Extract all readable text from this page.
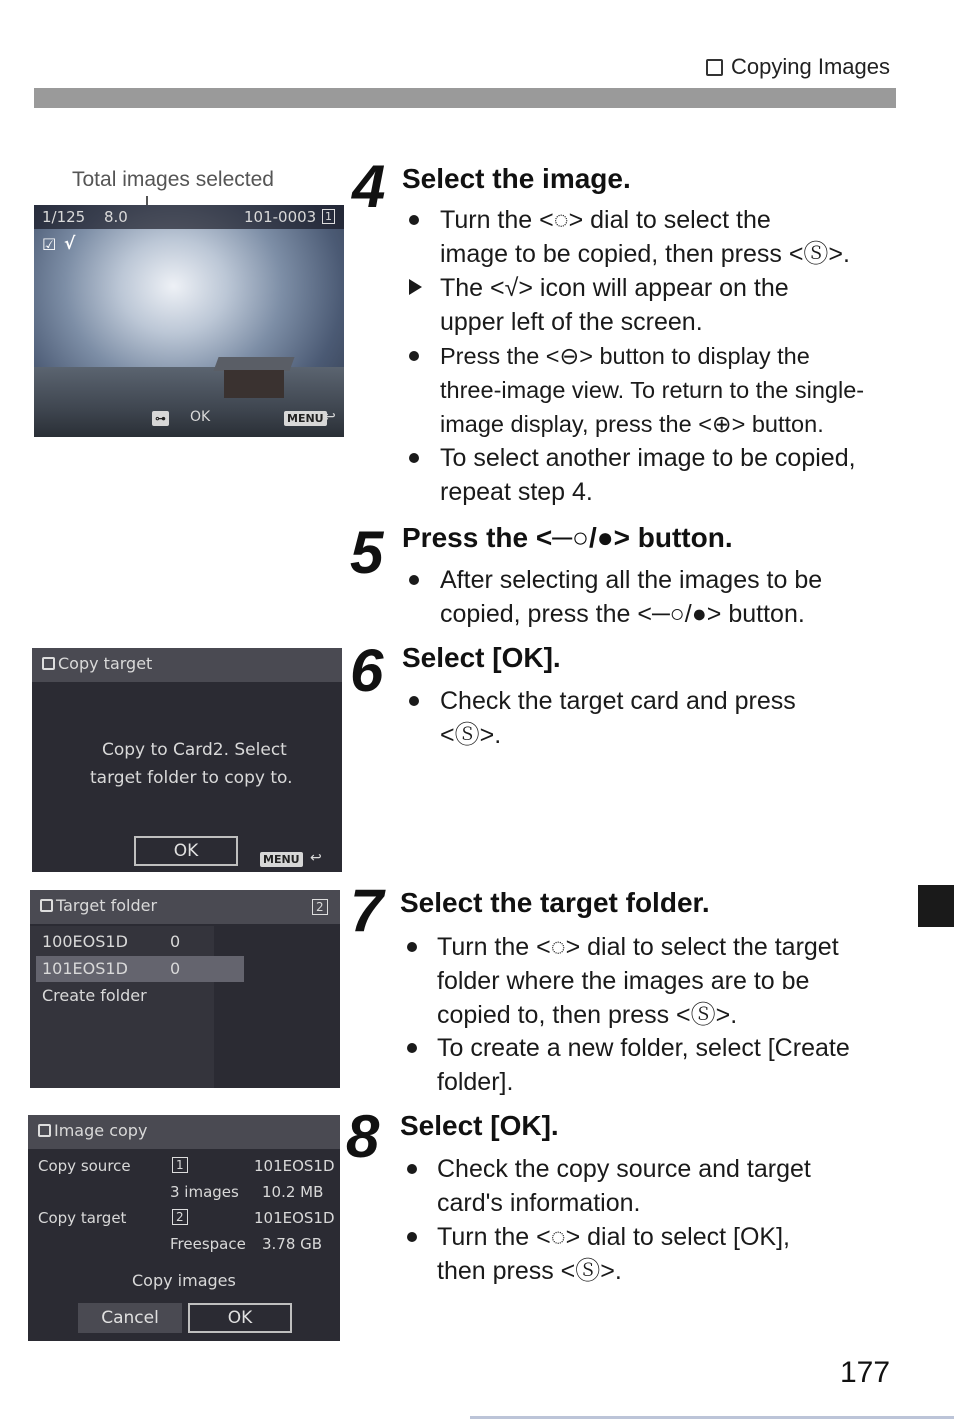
Copying Images
Total images selected
1/125 8.0	101-0003 1
☑ √
⊶ OK	MENU ↩
Copy target
Copy to Card2. Select
target folder to copy to.
OK	MENU ↩
Target folder	2
100EOS1D	0
101EOS1D	0
Create folder
Image copy
Copy source	1	101EOS1D
3 images 10.2 MB
Copy target	2	101EOS1D
Freespace 3.78 GB
Copy images
Cancel	OK
4 Select the image.
Turn the <◌> dial to select the
image to be copied, then press <Ⓢ>.
The <√> icon will appear on the
upper left of the screen.
Press the <⊖> button to display the
three-image view. To return to the single-
image display, press the <⊕> button.
To select another image to be copied,
repeat step 4.
5 Press the <─○/●> button.
After selecting all the images to be
copied, press the <─○/●> button.
6 Select [OK].
Check the target card and press
<Ⓢ>.
7 Select the target folder.
Turn the <◌> dial to select the target
folder where the images are to be
copied to, then press <Ⓢ>.
To create a new folder, select [Create
folder].
8 Select [OK].
Check the copy source and target
card's information.
Turn the <◌> dial to select [OK],
then press <Ⓢ>.
177
